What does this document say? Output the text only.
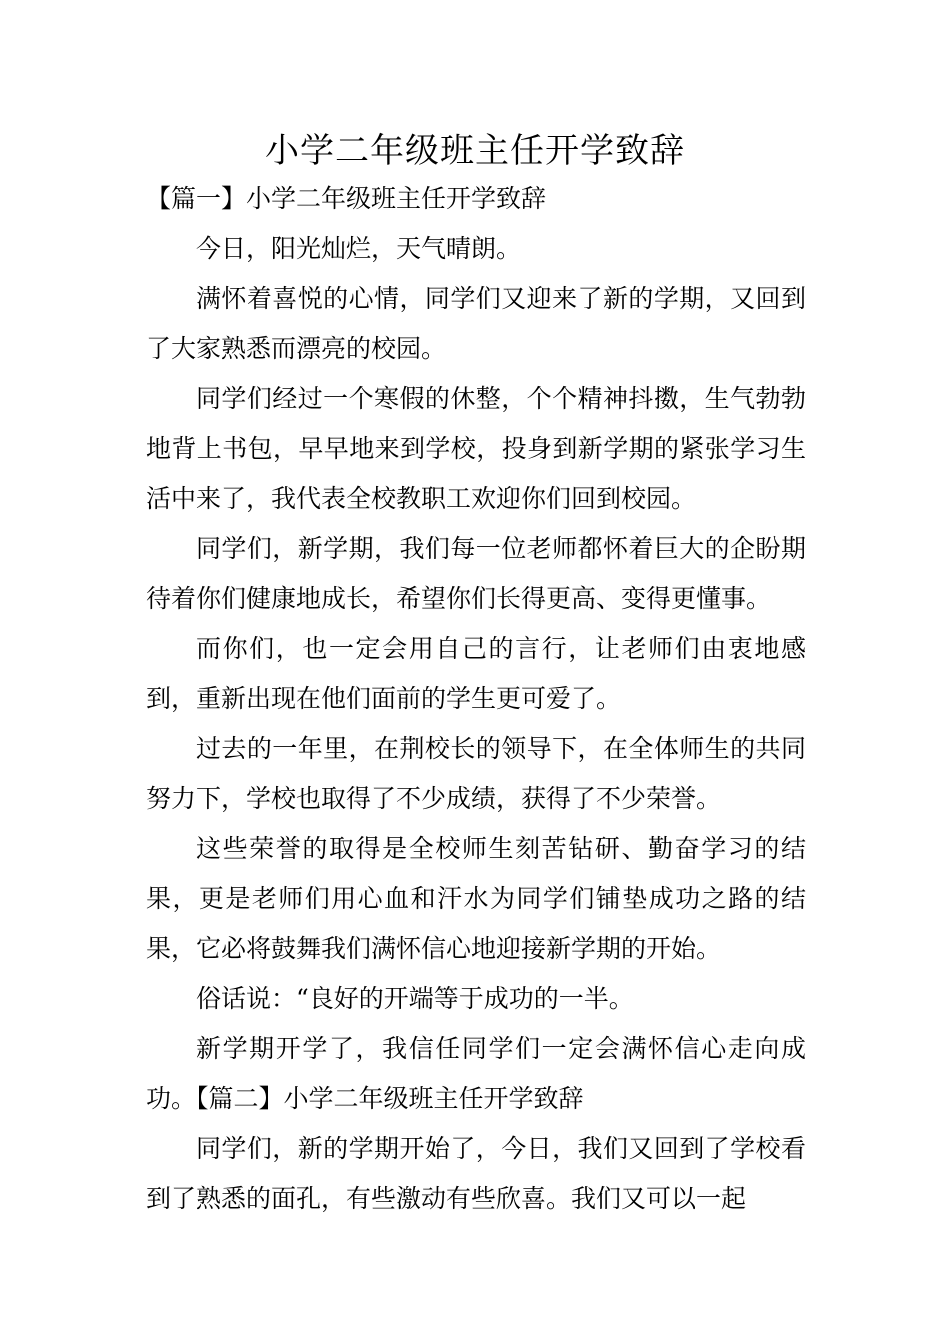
小学二年级班主任开学致辞
【篇一】小学二年级班主任开学致辞

今日，阳光灿烂，天气晴朗。

满怀着喜悦的心情，同学们又迎来了新的学期，又回到了大家熟悉而漂亮的校园。

同学们经过一个寒假的休整，个个精神抖擞，生气勃勃地背上书包，早早地来到学校，投身到新学期的紧张学习生活中来了，我代表全校教职工欢迎你们回到校园。

同学们，新学期，我们每一位老师都怀着巨大的企盼期待着你们健康地成长，希望你们长得更高、变得更懂事。

而你们，也一定会用自己的言行，让老师们由衷地感到，重新出现在他们面前的学生更可爱了。

过去的一年里，在荆校长的领导下，在全体师生的共同努力下，学校也取得了不少成绩，获得了不少荣誉。

这些荣誉的取得是全校师生刻苦钻研、勤奋学习的结果，更是老师们用心血和汗水为同学们铺垫成功之路的结果，它必将鼓舞我们满怀信心地迎接新学期的开始。

俗话说：“良好的开端等于成功的一半。

新学期开学了，我信任同学们一定会满怀信心走向成功。【篇二】小学二年级班主任开学致辞

同学们，新的学期开始了，今日，我们又回到了学校看到了熟悉的面孔，有些激动有些欣喜。我们又可以一起
